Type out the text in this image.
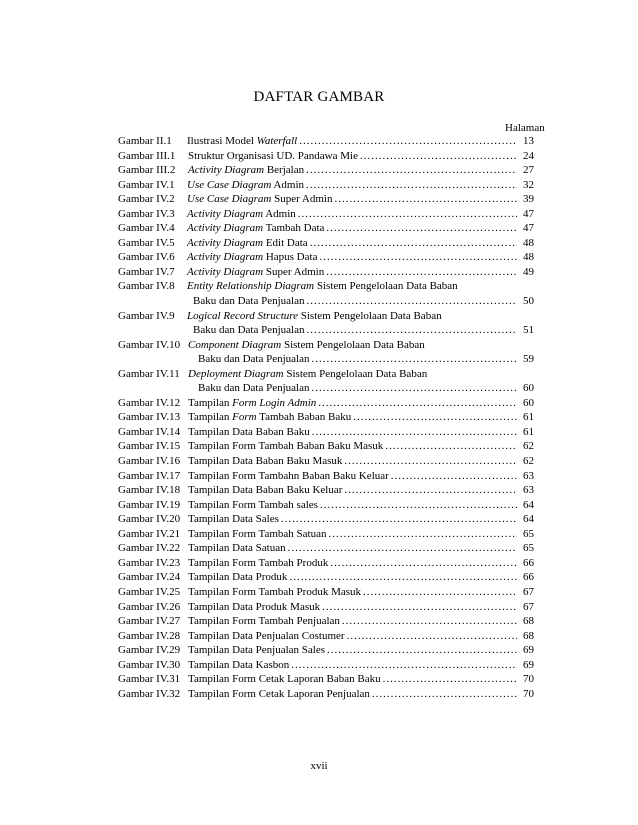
DAFTAR GAMBAR
Halaman
Gambar II.1 Ilustrasi Model Waterfall .....	13
Gambar III.1 Struktur Organisasi UD. Pandawa Mie .....	24
Gambar III.2 Activity Diagram Berjalan .....	27
Gambar IV.1 Use Case Diagram Admin .....	32
Gambar IV.2 Use Case Diagram Super Admin .....	39
Gambar IV.3 Activity Diagram Admin .....	47
Gambar IV.4 Activity Diagram Tambah Data .....	47
Gambar IV.5 Activity Diagram Edit Data .....	48
Gambar IV.6 Activity Diagram Hapus Data .....	48
Gambar IV.7 Activity Diagram Super Admin .....	49
Gambar IV.8 Entity Relationship Diagram Sistem Pengelolaan Data Baban
Baku dan Data Penjualan .....	50
Gambar IV.9 Logical Record Structure Sistem Pengelolaan Data Baban
Baku dan Data Penjualan .....	51
Gambar IV.10 Component Diagram Sistem Pengelolaan Data Baban
Baku dan Data Penjualan .....	59
Gambar IV.11 Deployment Diagram Sistem Pengelolaan Data Baban
Baku dan Data Penjualan .....	60
Gambar IV.12 Tampilan Form Login Admin .....	60
Gambar IV.13 Tampilan Form Tambah Baban Baku .....	61
Gambar IV.14 Tampilan Data Baban Baku .....	61
Gambar IV.15 Tampilan Form Tambah Baban Baku Masuk .....	62
Gambar IV.16 Tampilan Data Baban Baku Masuk .....	62
Gambar IV.17 Tampilan Form Tambahn Baban Baku Keluar .....	63
Gambar IV.18 Tampilan Data Baban Baku Keluar .....	63
Gambar IV.19 Tampilan Form Tambah sales .....	64
Gambar IV.20 Tampilan Data Sales .....	64
Gambar IV.21 Tampilan Form Tambah Satuan .....	65
Gambar IV.22 Tampilan Data Satuan .....	65
Gambar IV.23 Tampilan Form Tambah Produk .....	66
Gambar IV.24 Tampilan Data Produk .....	66
Gambar IV.25 Tampilan Form Tambah Produk Masuk .....	67
Gambar IV.26 Tampilan Data Produk Masuk .....	67
Gambar IV.27 Tampilan Form Tambah Penjualan .....	68
Gambar IV.28 Tampilan Data Penjualan Costumer .....	68
Gambar IV.29 Tampilan Data Penjualan Sales .....	69
Gambar IV.30 Tampilan Data Kasbon .....	69
Gambar IV.31 Tampilan Form Cetak Laporan Baban Baku .....	70
Gambar IV.32 Tampilan Form Cetak Laporan Penjualan .....	70
xvii
